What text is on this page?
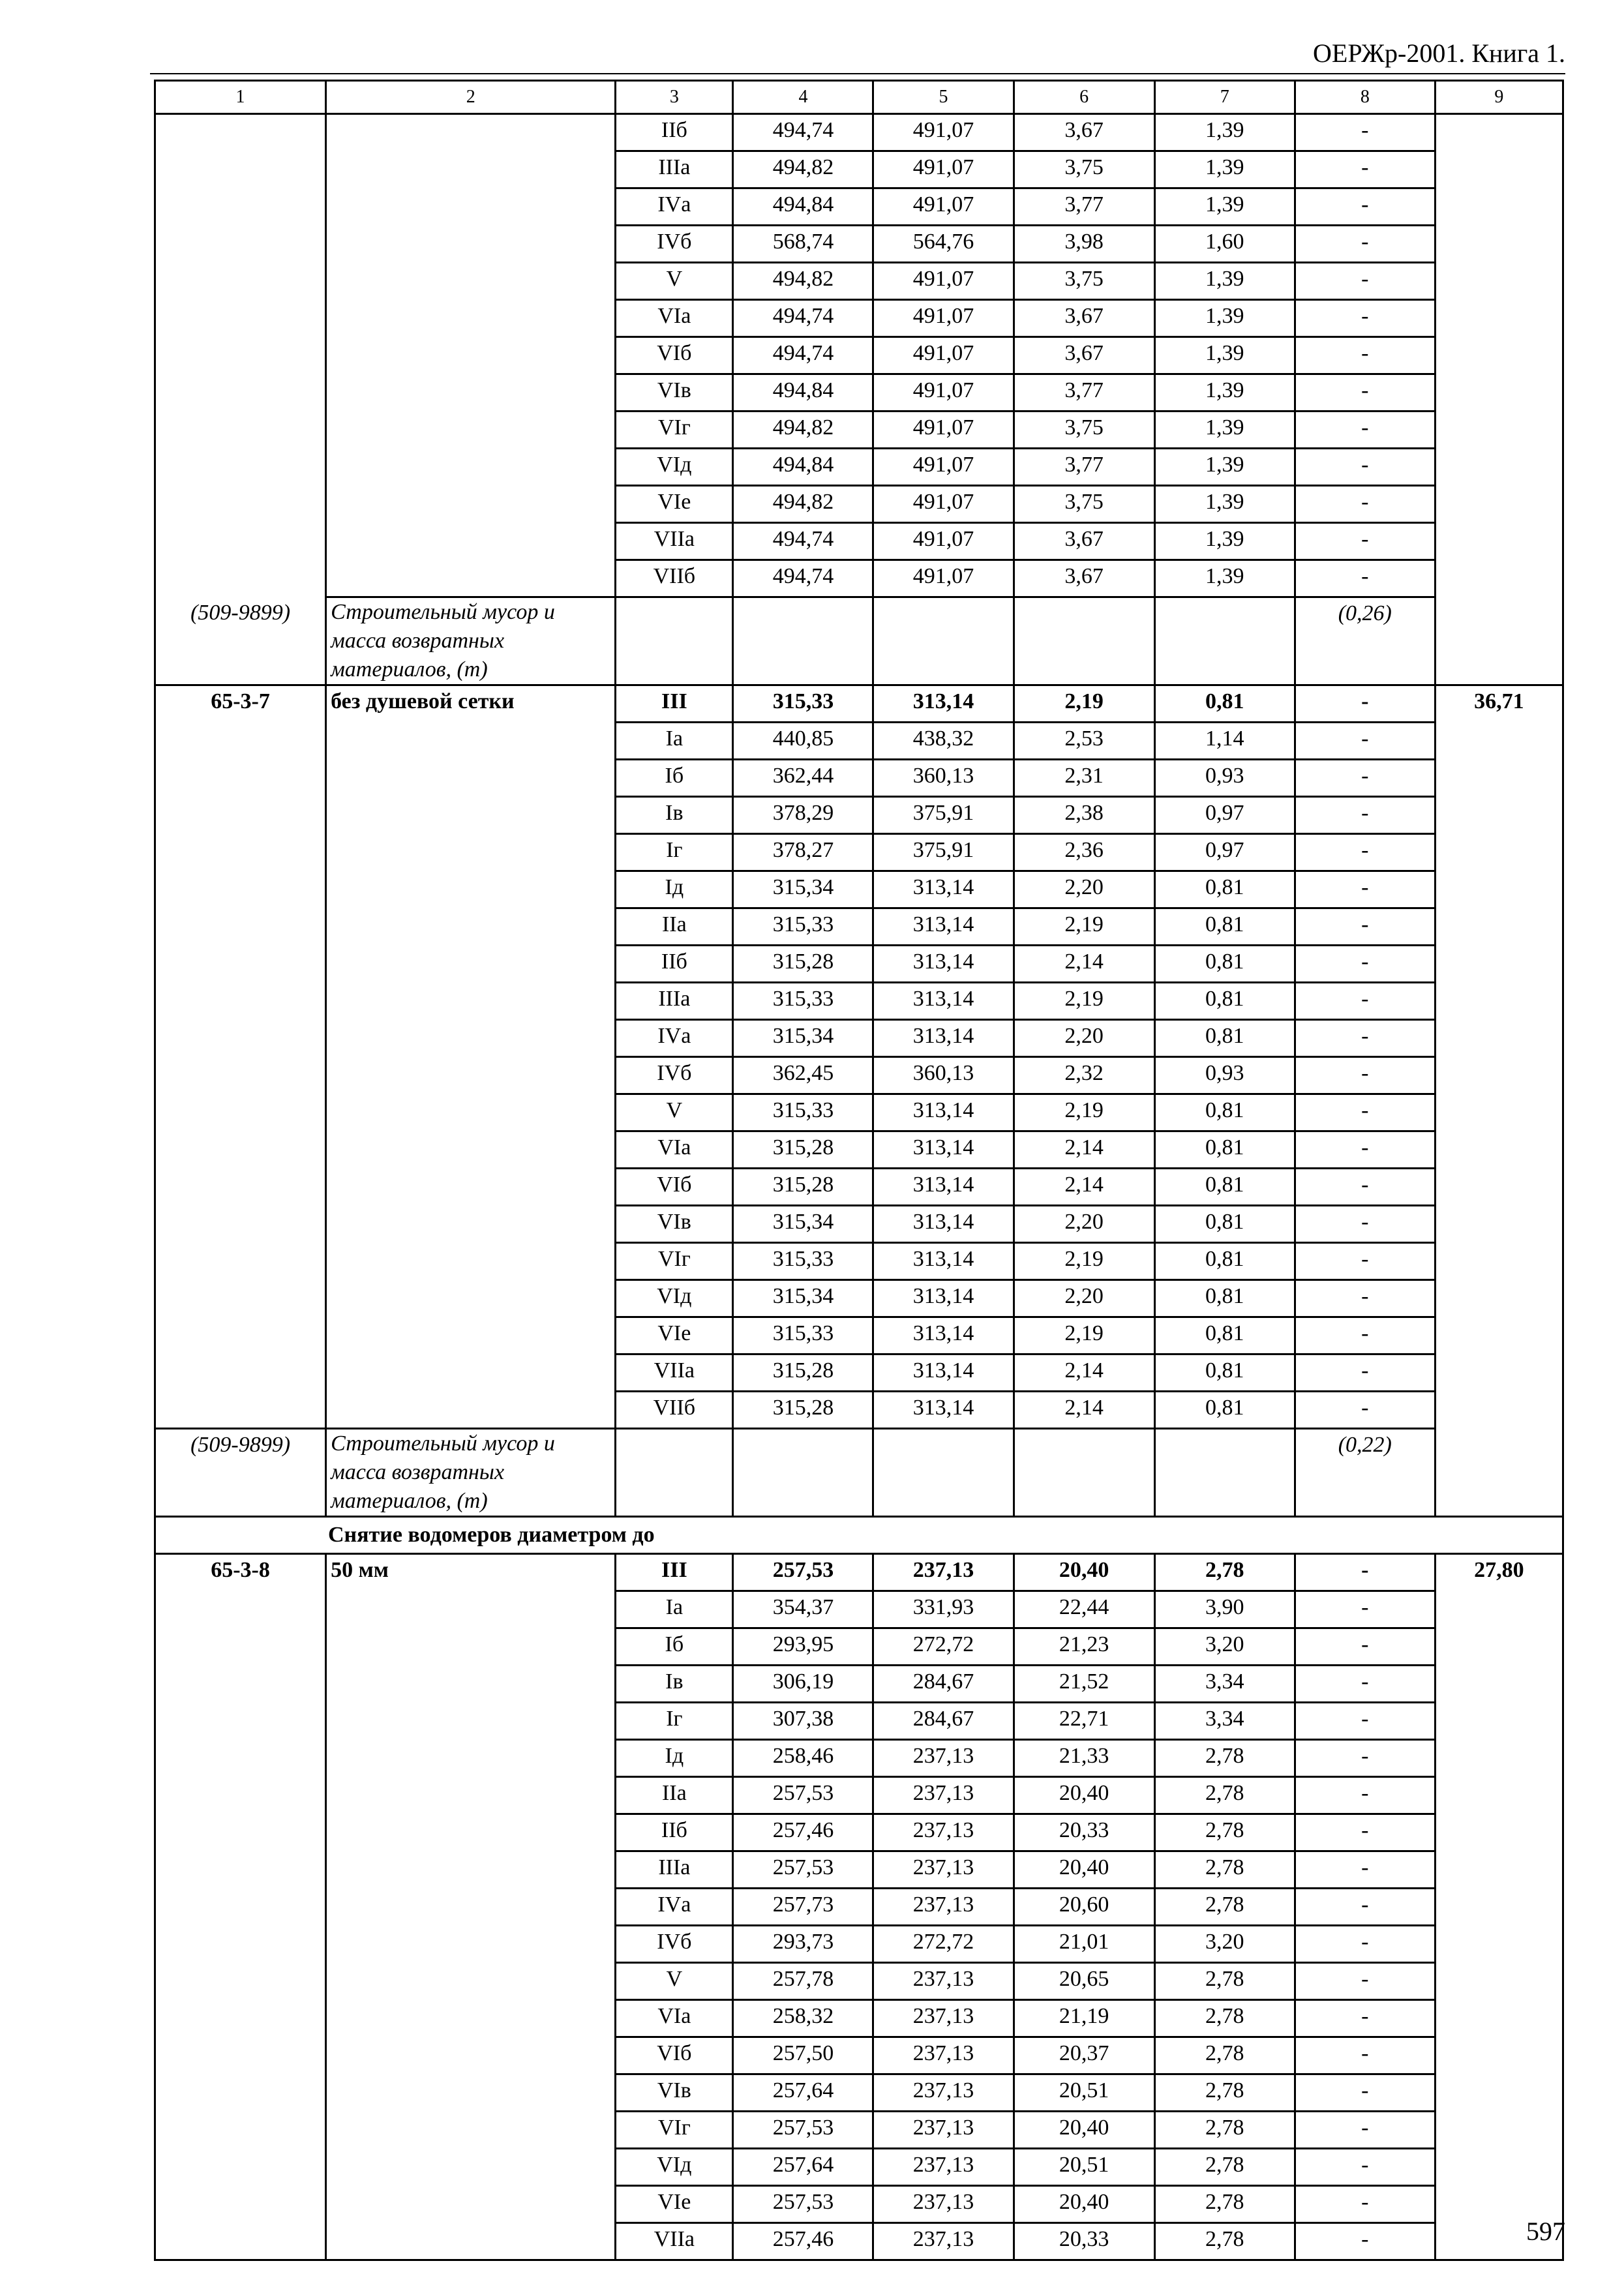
ОЕРЖр-2001. Книга 1.
1	2	3	4	5	6	7	8	9
		IIб	494,74	491,07	3,67	1,39	-	
		IIIа	494,82	491,07	3,75	1,39	-	
		IVа	494,84	491,07	3,77	1,39	-	
		IVб	568,74	564,76	3,98	1,60	-	
		V	494,82	491,07	3,75	1,39	-	
		VIа	494,74	491,07	3,67	1,39	-	
		VIб	494,74	491,07	3,67	1,39	-	
		VIв	494,84	491,07	3,77	1,39	-	
		VIг	494,82	491,07	3,75	1,39	-	
		VIд	494,84	491,07	3,77	1,39	-	
		VIе	494,82	491,07	3,75	1,39	-	
		VIIа	494,74	491,07	3,67	1,39	-	
		VIIб	494,74	491,07	3,67	1,39	-	
(509-9899)	Строительный мусор и масса возвратных материалов, (т)						(0,26)	
65-3-7	без душевой сетки	III	315,33	313,14	2,19	0,81	-	36,71
		Iа	440,85	438,32	2,53	1,14	-	
		Iб	362,44	360,13	2,31	0,93	-	
		Iв	378,29	375,91	2,38	0,97	-	
		Iг	378,27	375,91	2,36	0,97	-	
		Iд	315,34	313,14	2,20	0,81	-	
		IIа	315,33	313,14	2,19	0,81	-	
		IIб	315,28	313,14	2,14	0,81	-	
		IIIа	315,33	313,14	2,19	0,81	-	
		IVа	315,34	313,14	2,20	0,81	-	
		IVб	362,45	360,13	2,32	0,93	-	
		V	315,33	313,14	2,19	0,81	-	
		VIа	315,28	313,14	2,14	0,81	-	
		VIб	315,28	313,14	2,14	0,81	-	
		VIв	315,34	313,14	2,20	0,81	-	
		VIг	315,33	313,14	2,19	0,81	-	
		VIд	315,34	313,14	2,20	0,81	-	
		VIе	315,33	313,14	2,19	0,81	-	
		VIIа	315,28	313,14	2,14	0,81	-	
		VIIб	315,28	313,14	2,14	0,81	-	
(509-9899)	Строительный мусор и масса возвратных материалов, (т)						(0,22)	
Снятие водомеров диаметром до								
65-3-8	50 мм	III	257,53	237,13	20,40	2,78	-	27,80
		Iа	354,37	331,93	22,44	3,90	-	
		Iб	293,95	272,72	21,23	3,20	-	
		Iв	306,19	284,67	21,52	3,34	-	
		Iг	307,38	284,67	22,71	3,34	-	
		Iд	258,46	237,13	21,33	2,78	-	
		IIа	257,53	237,13	20,40	2,78	-	
		IIб	257,46	237,13	20,33	2,78	-	
		IIIа	257,53	237,13	20,40	2,78	-	
		IVа	257,73	237,13	20,60	2,78	-	
		IVб	293,73	272,72	21,01	3,20	-	
		V	257,78	237,13	20,65	2,78	-	
		VIа	258,32	237,13	21,19	2,78	-	
		VIб	257,50	237,13	20,37	2,78	-	
		VIв	257,64	237,13	20,51	2,78	-	
		VIг	257,53	237,13	20,40	2,78	-	
		VIд	257,64	237,13	20,51	2,78	-	
		VIе	257,53	237,13	20,40	2,78	-	
		VIIа	257,46	237,13	20,33	2,78	-		597
